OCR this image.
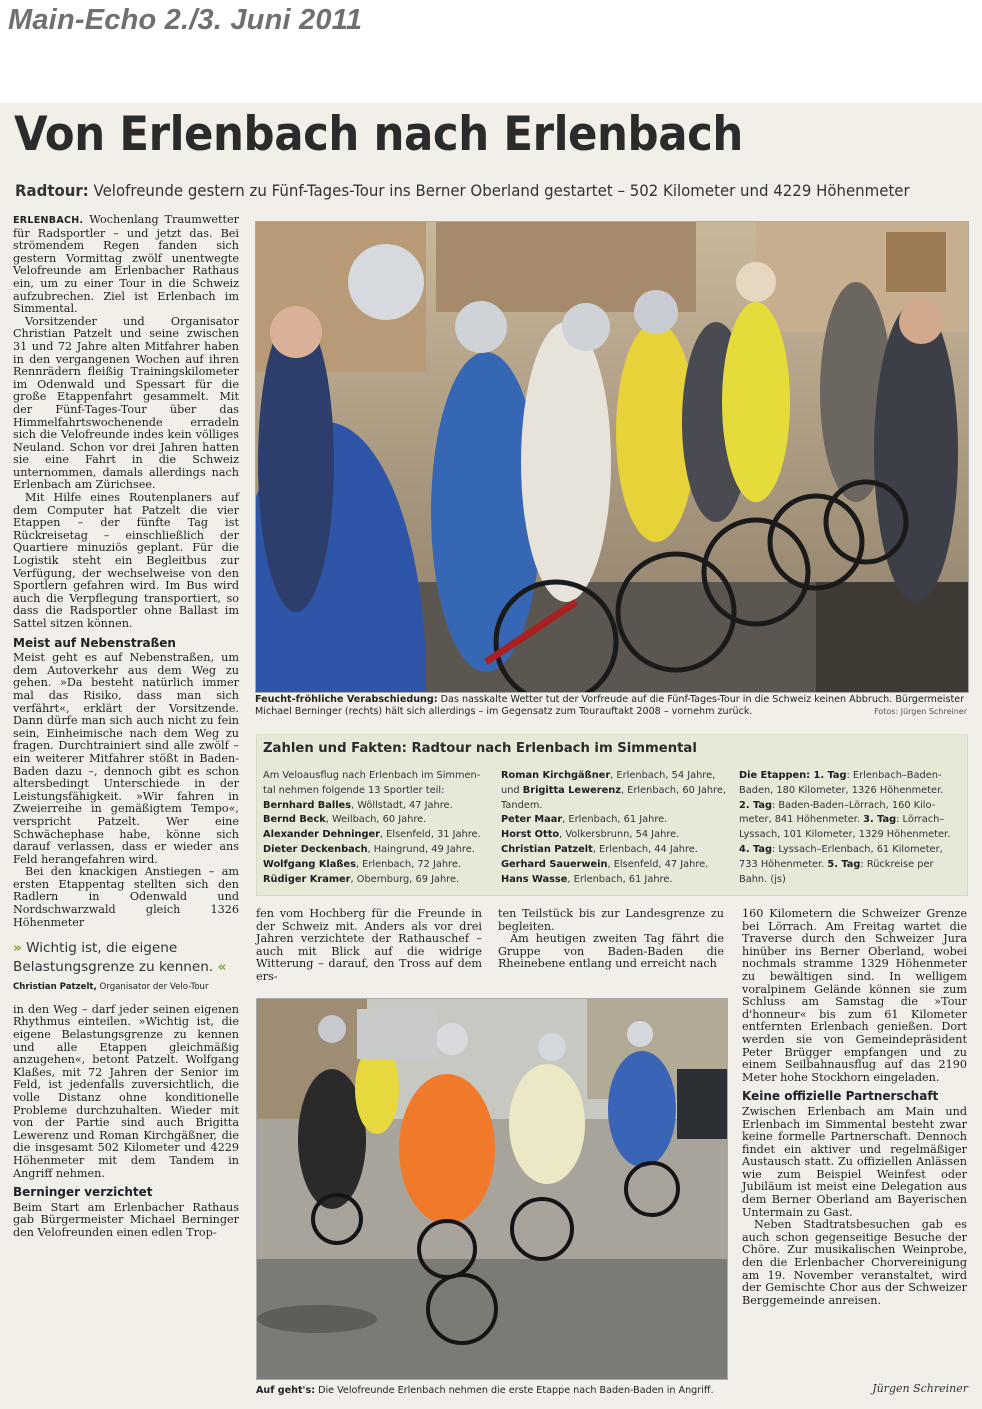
Main-Echo 2./3. Juni 2011
Von Erlenbach nach Erlenbach
Radtour: Velofreunde gestern zu Fünf-Tages-Tour ins Berner Oberland gestartet – 502 Kilometer und 4229 Höhenmeter

ERLENBACH. Wochenlang Traumwetter für Radsportler – und jetzt das. Bei strömendem Regen fanden sich gestern Vormittag zwölf unentwegte Velofreunde am Erlenbacher Rathaus ein, um zu einer Tour in die Schweiz aufzubrechen. Ziel ist Erlenbach im Simmental.

Vorsitzender und Organisator Christian Patzelt und seine zwischen 31 und 72 Jahre alten Mitfahrer haben in den vergangenen Wochen auf ihren Rennrädern fleißig Trainingskilometer im Odenwald und Spessart für die große Etappenfahrt gesammelt. Mit der Fünf-Tages-Tour über das Himmelfahrtswochenende erradeln sich die Velofreunde indes kein völliges Neuland. Schon vor drei Jahren hatten sie eine Fahrt in die Schweiz unternommen, damals allerdings nach Erlenbach am Zürichsee.

Mit Hilfe eines Routenplaners auf dem Computer hat Patzelt die vier Etappen – der fünfte Tag ist Rückreisetag – einschließlich der Quartiere minuziös geplant. Für die Logistik steht ein Begleitbus zur Verfügung, der wechselweise von den Sportlern gefahren wird. Im Bus wird auch die Verpflegung transportiert, so dass die Radsportler ohne Ballast im Sattel sitzen können.

Meist auf Nebenstraßen

Meist geht es auf Nebenstraßen, um dem Autoverkehr aus dem Weg zu gehen. »Da besteht natürlich immer mal das Risiko, dass man sich verfährt«, erklärt der Vorsitzende. Dann dürfe man sich auch nicht zu fein sein, Einheimische nach dem Weg zu fragen. Durchtrainiert sind alle zwölf – ein weiterer Mitfahrer stößt in Baden-Baden dazu –, dennoch gibt es schon altersbedingt Unterschiede in der Leistungsfähigkeit. »Wir fahren in Zweierreihe in gemäßigtem Tempo«, verspricht Patzelt. Wer eine Schwächephase habe, könne sich darauf verlassen, dass er wieder ans Feld herangefahren wird.

Bei den knackigen Anstiegen – am ersten Etappentag stellten sich den Radlern in Odenwald und Nordschwarzwald gleich 1326 Höhenmeter

» Wichtig ist, die eigene Belastungsgrenze zu kennen. «
Christian Patzelt, Organisator der Velo-Tour

in den Weg – darf jeder seinen eigenen Rhythmus einteilen. »Wichtig ist, die eigene Belastungsgrenze zu kennen und alle Etappen gleichmäßig anzugehen«, betont Patzelt. Wolfgang Klaßes, mit 72 Jahren der Senior im Feld, ist jedenfalls zuversichtlich, die volle Distanz ohne konditionelle Probleme durchzuhalten. Wieder mit von der Partie sind auch Brigitta Lewerenz und Roman Kirchgäßner, die die insgesamt 502 Kilometer und 4229 Höhenmeter mit dem Tandem in Angriff nehmen.

Berninger verzichtet

Beim Start am Erlenbacher Rathaus gab Bürgermeister Michael Berninger den Velofreunden einen edlen Trop-

Feucht-fröhliche Verabschiedung: Das nasskalte Wetter tut der Vorfreude auf die Fünf-Tages-Tour in die Schweiz keinen Abbruch. Bürgermeister Michael Berninger (rechts) hält sich allerdings – im Gegensatz zum Tourauftakt 2008 – vornehm zurück.	Fotos: Jürgen Schreiner
Zahlen und Fakten: Radtour nach Erlenbach im Simmental
Am Veloausflug nach Erlenbach im Simmen-
tal nehmen folgende 13 Sportler teil:
Bernhard Balles, Wöllstadt, 47 Jahre.
Bernd Beck, Weilbach, 60 Jahre.
Alexander Dehninger, Elsenfeld, 31 Jahre.
Dieter Deckenbach, Haingrund, 49 Jahre.
Wolfgang Klaßes, Erlenbach, 72 Jahre.
Rüdiger Kramer, Obernburg, 69 Jahre.
Roman Kirchgäßner, Erlenbach, 54 Jahre,
und Brigitta Lewerenz, Erlenbach, 60 Jahre,
Tandem.
Peter Maar, Erlenbach, 61 Jahre.
Horst Otto, Volkersbrunn, 54 Jahre.
Christian Patzelt, Erlenbach, 44 Jahre.
Gerhard Sauerwein, Elsenfeld, 47 Jahre.
Hans Wasse, Erlenbach, 61 Jahre.
Die Etappen: 1. Tag: Erlenbach–Baden-
Baden, 180 Kilometer, 1326 Höhenmeter.
2. Tag: Baden-Baden–Lörrach, 160 Kilo-
meter, 841 Höhenmeter. 3. Tag: Lörrach–
Lyssach, 101 Kilometer, 1329 Höhenmeter.
4. Tag: Lyssach–Erlenbach, 61 Kilometer,
733 Höhenmeter. 5. Tag: Rückreise per
Bahn. (js)

fen vom Hochberg für die Freunde in der Schweiz mit. Anders als vor drei Jahren verzichtete der Rathauschef – auch mit Blick auf die widrige Witterung – darauf, den Tross auf dem ers-

ten Teilstück bis zur Landesgrenze zu begleiten.

Am heutigen zweiten Tag fährt die Gruppe von Baden-Baden die Rheinebene entlang und erreicht nach

Auf geht's: Die Velofreunde Erlenbach nehmen die erste Etappe nach Baden-Baden in Angriff.

160 Kilometern die Schweizer Grenze bei Lörrach. Am Freitag wartet die Traverse durch den Schweizer Jura hinüber ins Berner Oberland, wobei nochmals stramme 1329 Höhenmeter zu bewältigen sind. In welligem voralpinem Gelände können sie zum Schluss am Samstag die »Tour d'honneur« bis zum 61 Kilometer entfernten Erlenbach genießen. Dort werden sie von Gemeindepräsident Peter Brügger empfangen und zu einem Seilbahnausflug auf das 2190 Meter hohe Stockhorn eingeladen.

Keine offizielle Partnerschaft

Zwischen Erlenbach am Main und Erlenbach im Simmental besteht zwar keine formelle Partnerschaft. Dennoch findet ein aktiver und regelmäßiger Austausch statt. Zu offiziellen Anlässen wie zum Beispiel Weinfest oder Jubiläum ist meist eine Delegation aus dem Berner Oberland am Bayerischen Untermain zu Gast.

Neben Stadtratsbesuchen gab es auch schon gegenseitige Besuche der Chöre. Zur musikalischen Weinprobe, den die Erlenbacher Chorvereinigung am 19. November veranstaltet, wird der Gemischte Chor aus der Schweizer Berggemeinde anreisen.

Jürgen Schreiner
